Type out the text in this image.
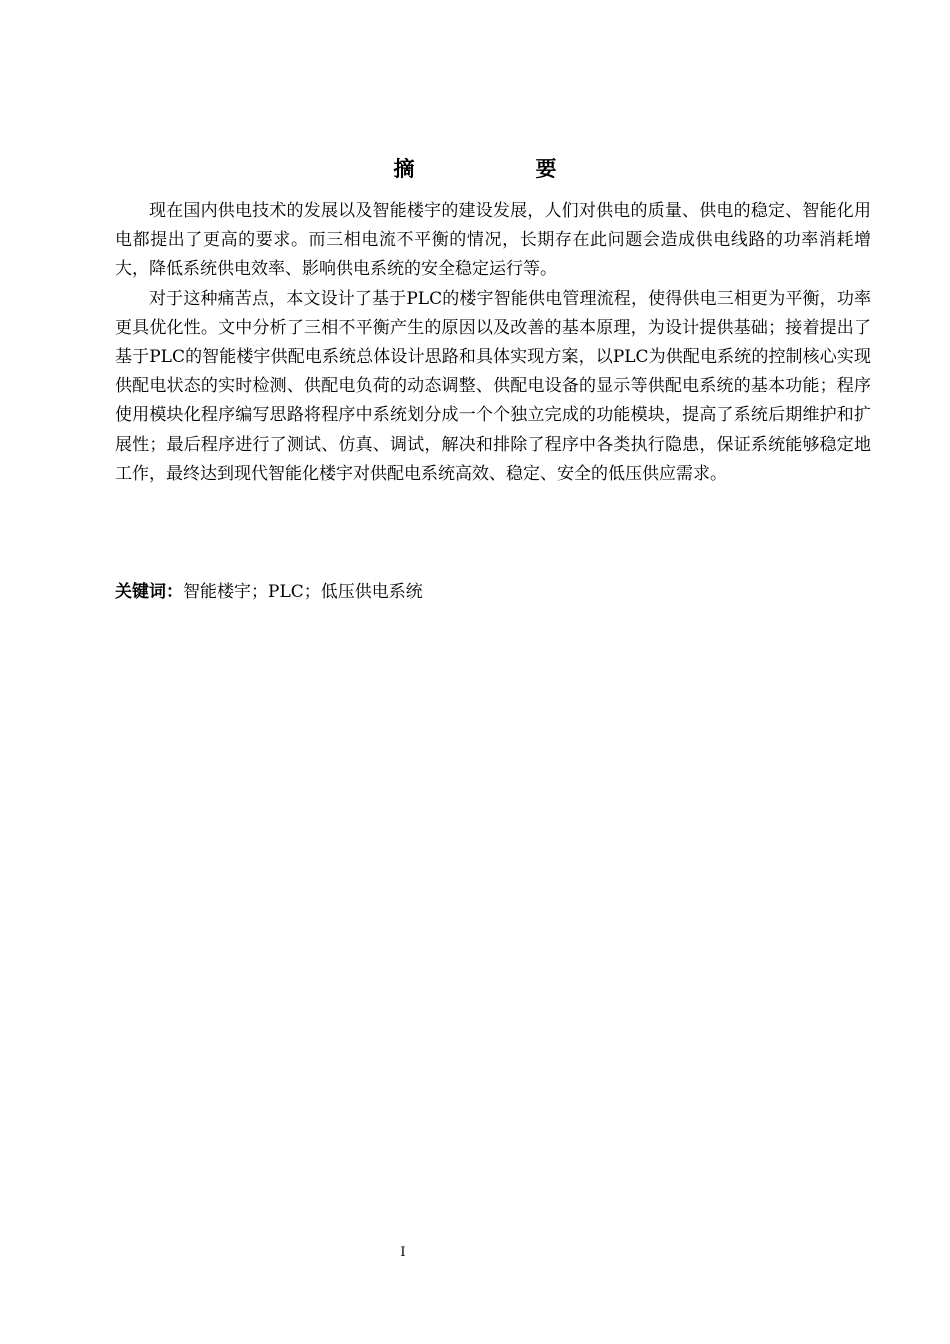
摘　要

现在国内供电技术的发展以及智能楼宇的建设发展，人们对供电的质量、供电的稳定、智能化用电都提出了更高的要求。而三相电流不平衡的情况，长期存在此问题会造成供电线路的功率消耗增大，降低系统供电效率、影响供电系统的安全稳定运行等。

对于这种痛苦点，本文设计了基于PLC的楼宇智能供电管理流程，使得供电三相更为平衡，功率更具优化性。文中分析了三相不平衡产生的原因以及改善的基本原理，为设计提供基础；接着提出了基于PLC的智能楼宇供配电系统总体设计思路和具体实现方案，以PLC为供配电系统的控制核心实现供配电状态的实时检测、供配电负荷的动态调整、供配电设备的显示等供配电系统的基本功能；程序使用模块化程序编写思路将程序中系统划分成一个个独立完成的功能模块，提高了系统后期维护和扩展性；最后程序进行了测试、仿真、调试，解决和排除了程序中各类执行隐患，保证系统能够稳定地工作，最终达到现代智能化楼宇对供配电系统高效、稳定、安全的低压供应需求。

关键词：智能楼宇；PLC；低压供电系统
I
